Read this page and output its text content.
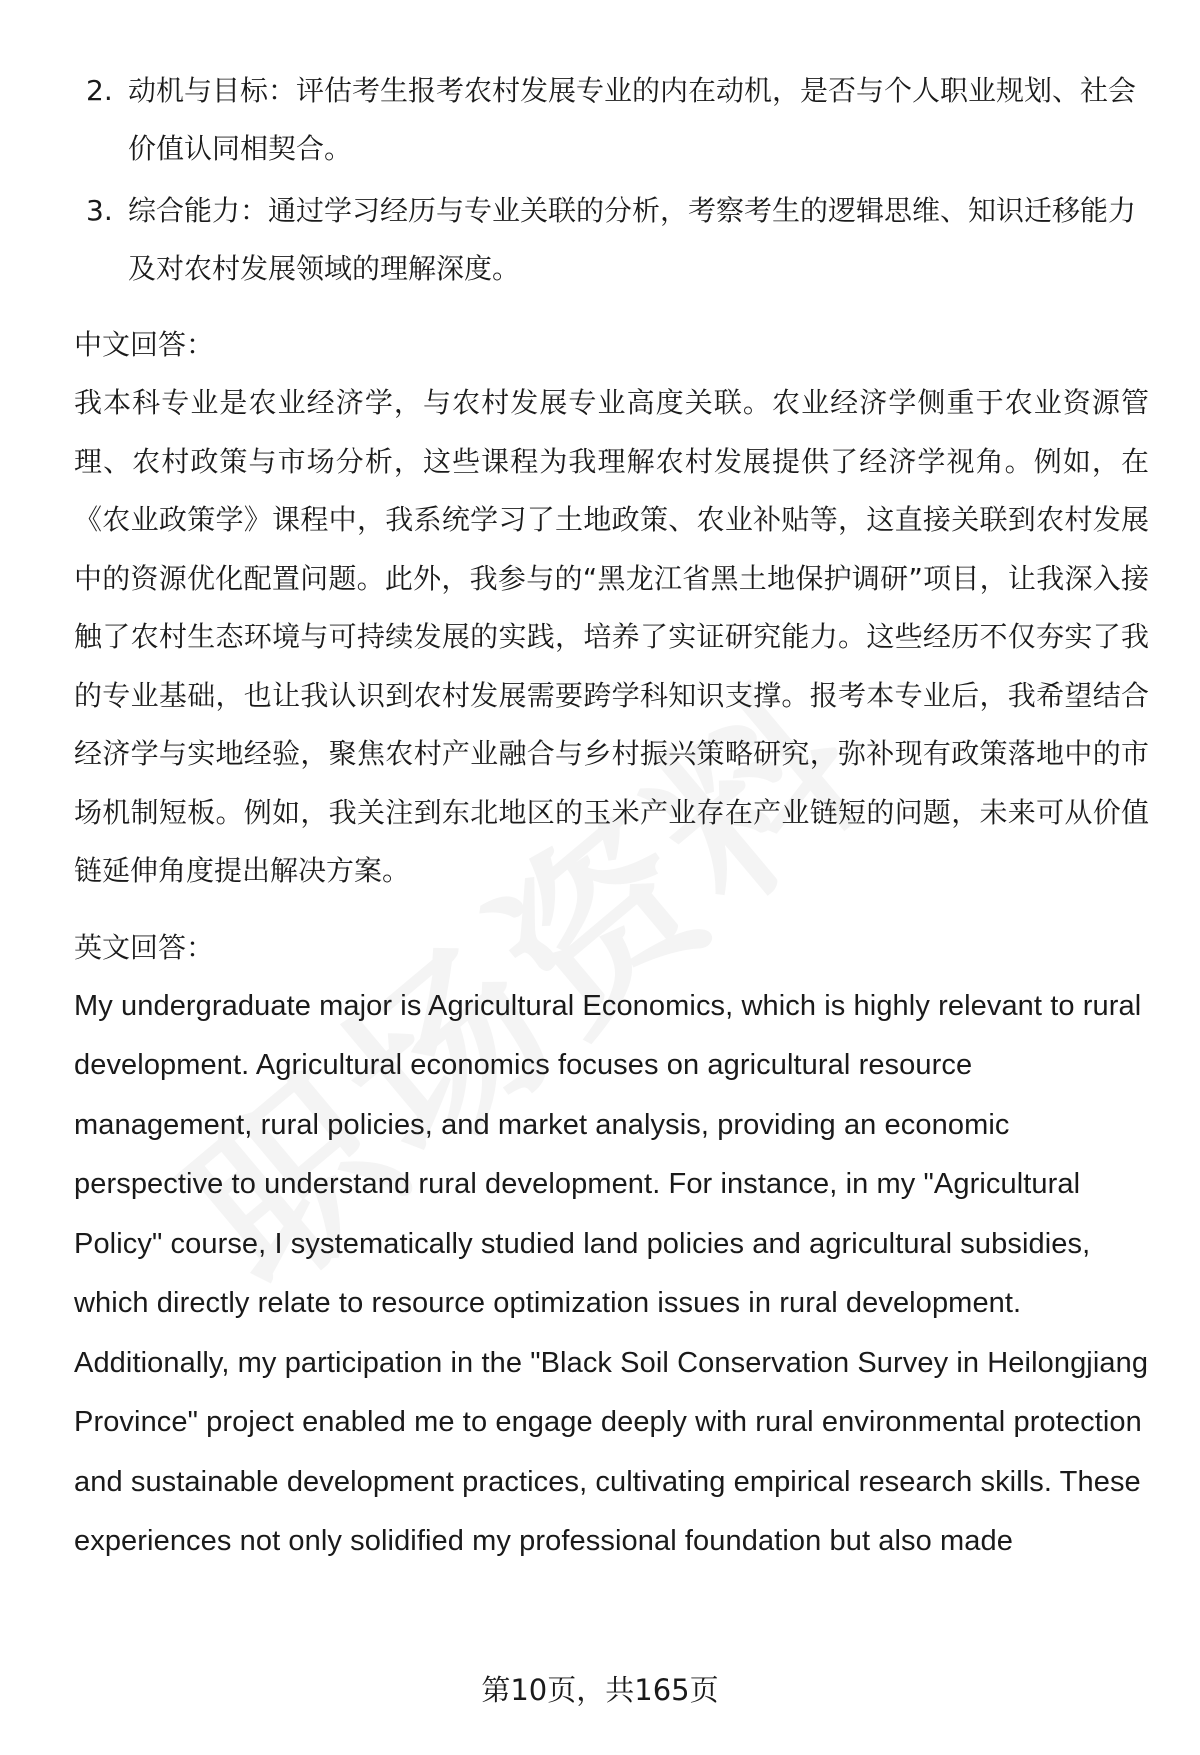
2. 动机与目标：评估考生报考农村发展专业的内在动机，是否与个人职业规划、社会价值认同相契合。
3. 综合能力：通过学习经历与专业关联的分析，考察考生的逻辑思维、知识迁移能力及对农村发展领域的理解深度。
中文回答：

我本科专业是农业经济学，与农村发展专业高度关联。农业经济学侧重于农业资源管理、农村政策与市场分析，这些课程为我理解农村发展提供了经济学视角。例如，在《农业政策学》课程中，我系统学习了土地政策、农业补贴等，这直接关联到农村发展中的资源优化配置问题。此外，我参与的“黑龙江省黑土地保护调研”项目，让我深入接触了农村生态环境与可持续发展的实践，培养了实证研究能力。这些经历不仅夯实了我的专业基础，也让我认识到农村发展需要跨学科知识支撑。报考本专业后，我希望结合经济学与实地经验，聚焦农村产业融合与乡村振兴策略研究，弥补现有政策落地中的市场机制短板。例如，我关注到东北地区的玉米产业存在产业链短的问题，未来可从价值链延伸角度提出解决方案。

英文回答：

My undergraduate major is Agricultural Economics, which is highly relevant to rural development. Agricultural economics focuses on agricultural resource management, rural policies, and market analysis, providing an economic perspective to understand rural development. For instance, in my "Agricultural Policy" course, I systematically studied land policies and agricultural subsidies, which directly relate to resource optimization issues in rural development. Additionally, my participation in the "Black Soil Conservation Survey in Heilongjiang Province" project enabled me to engage deeply with rural environmental protection and sustainable development practices, cultivating empirical research skills. These experiences not only solidified my professional foundation but also made

第10页，共165页
